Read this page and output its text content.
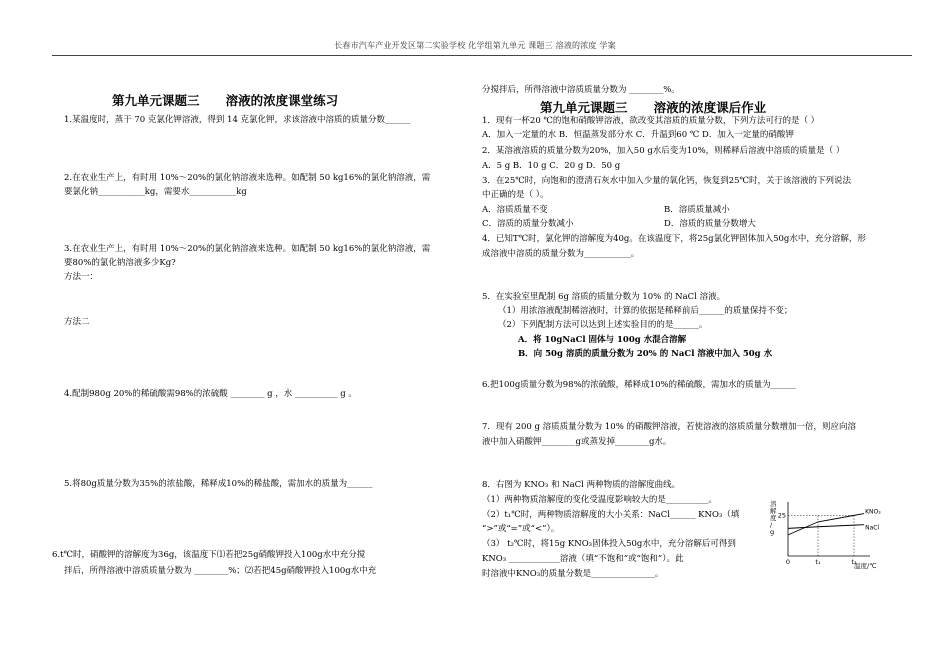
长春市汽车产业开发区第二实验学校 化学组第九单元 课题三 溶液的浓度 学案
第九单元课题三      溶液的浓度课堂练习
1.某温度时，蒸干 70 克氯化钾溶液，得到 14 克氯化钾，求该溶液中溶质的质量分数______
2.在农业生产上，有时用 10%～20%的氯化钠溶液来选种。如配制 50 kg16%的氯化钠溶液，需
要氯化钠___________kg，需要水___________kg
3.在农业生产上，有时用 10%～20%的氯化钠溶液来选种。如配制 50 kg16%的氯化钠溶液，需
要80%的氯化钠溶液多少Kg?
方法一：
方法二
4.配制980g 20%的稀硫酸需98%的浓硫酸 ________ g ，水 __________ g 。
5.将80g质量分数为35%的浓盐酸，稀释成10%的稀盐酸，需加水的质量为______
6.t℃时，硝酸钾的溶解度为36g，该温度下⑴若把25g硝酸钾投入100g水中充分搅
拌后，所得溶液中溶质质量分数为 ________%；⑵若把45g硝酸钾投入100g水中充
分搅拌后，所得溶液中溶质质量分数为 ________%。
第九单元课题三      溶液的浓度课后作业
1．现有一杯20 ℃的饱和硝酸钾溶液，欲改变其溶质的质量分数，下列方法可行的是（ ）
A．加入一定量的水 B．恒温蒸发部分水 C．升温到60 ℃ D．加入一定量的硝酸钾
2．某溶液溶质的质量分数为20%，加入50 g水后变为10%，则稀释后溶液中溶质的质量是（ ）
A．5 g B．10 g C．20 g D．50 g
3．在25℃时，向饱和的澄清石灰水中加入少量的氧化钙，恢复到25℃时，关于该溶液的下列说法
中正确的是（ ）。
A．溶质质量不变	B．溶质质量减小
C．溶质的质量分数减小	D．溶质的质量分数增大
4．已知T℃时，氯化钾的溶解度为40g。在该温度下，将25g氯化钾固体加入50g水中，充分溶解，形
成溶液中溶质的质量分数为___________。
5．在实验室里配制 6g 溶质的质量分数为 10% 的 NaCl 溶液。
（1）用浓溶液配制稀溶液时，计算的依据是稀释前后______的质量保持不变；
（2）下列配制方法可以达到上述实验目的的是______。
A．将 10gNaCl 固体与 100g 水混合溶解
B．向 50g 溶质的质量分数为 20% 的 NaCl 溶液中加入 50g 水
6.把100g质量分数为98%的浓硫酸，稀释成10%的稀硫酸，需加水的质量为______
7．现有 200 g 溶质质量分数为 10% 的硝酸钾溶液，若使溶液的溶质质量分数增加一倍，则应向溶
液中加入硝酸钾________g或蒸发掉________g水。
8．右图为 KNO₃ 和 NaCl 两种物质的溶解度曲线。
（1）两种物质溶解度的变化受温度影响较大的是__________。
（2）t₁℃时，两种物质溶解度的大小关系：NaCl______ KNO₃（填
“>”或“=”或“<”）。
（3） t₂℃时，将15g KNO₃固体投入50g水中，充分溶解后可得到
KNO₃ ____________溶液（填“不饱和”或“饱和”）。此
时溶液中KNO₃的质量分数是_______________。
KNO₃
NaCl
25
0	t₁	t₂
溶解度/ g
温度/℃
